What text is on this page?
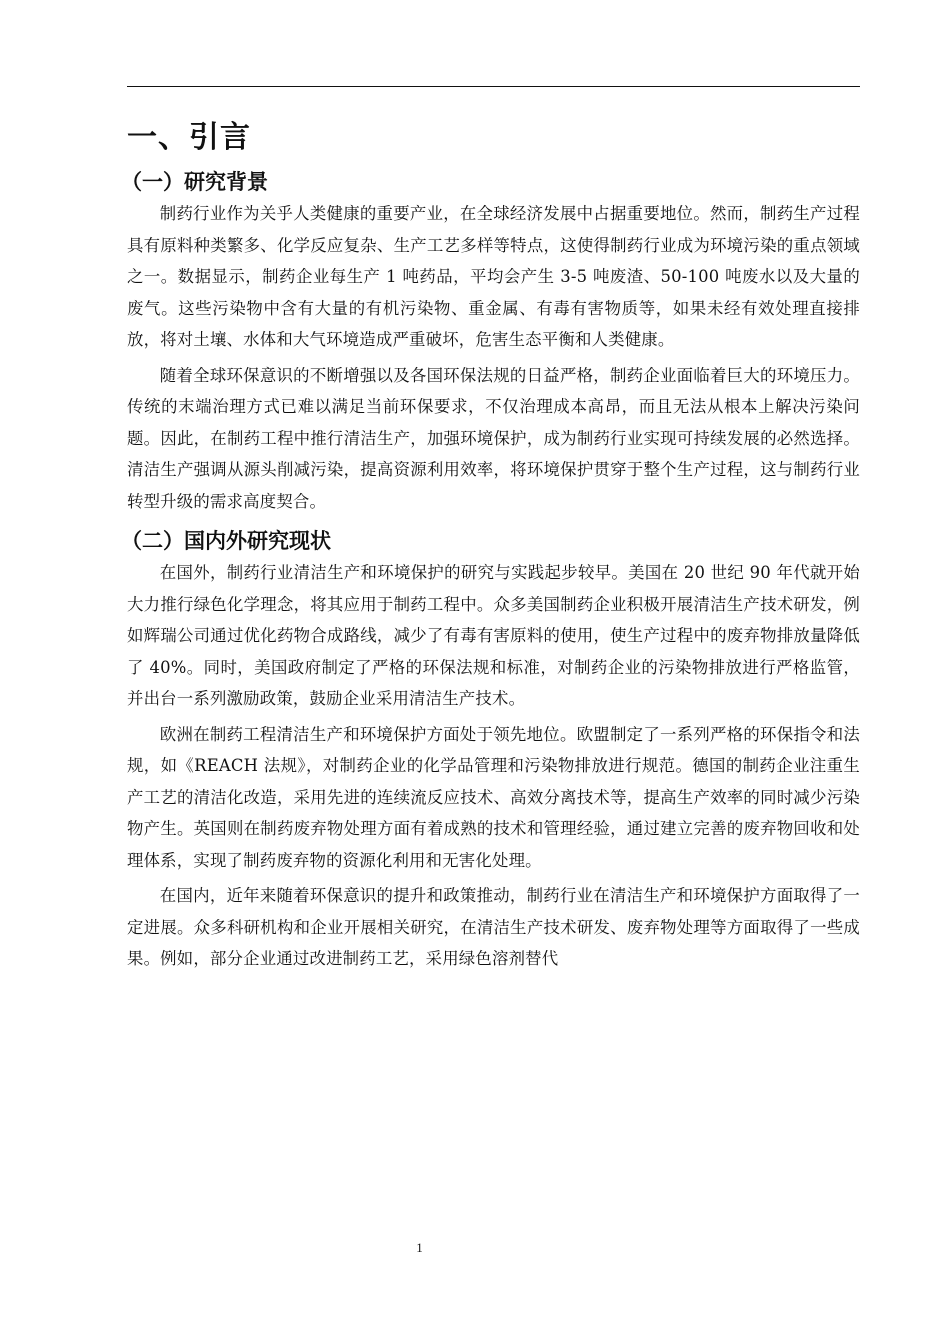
一、引言
（一）研究背景

制药行业作为关乎人类健康的重要产业，在全球经济发展中占据重要地位。然而，制药生产过程具有原料种类繁多、化学反应复杂、生产工艺多样等特点，这使得制药行业成为环境污染的重点领域之一。数据显示，制药企业每生产 1 吨药品，平均会产生 3-5 吨废渣、50-100 吨废水以及大量的废气。这些污染物中含有大量的有机污染物、重金属、有毒有害物质等，如果未经有效处理直接排放，将对土壤、水体和大气环境造成严重破坏，危害生态平衡和人类健康。

随着全球环保意识的不断增强以及各国环保法规的日益严格，制药企业面临着巨大的环境压力。传统的末端治理方式已难以满足当前环保要求，不仅治理成本高昂，而且无法从根本上解决污染问题。因此，在制药工程中推行清洁生产，加强环境保护，成为制药行业实现可持续发展的必然选择。清洁生产强调从源头削减污染，提高资源利用效率，将环境保护贯穿于整个生产过程，这与制药行业转型升级的需求高度契合。

（二）国内外研究现状

在国外，制药行业清洁生产和环境保护的研究与实践起步较早。美国在 20 世纪 90 年代就开始大力推行绿色化学理念，将其应用于制药工程中。众多美国制药企业积极开展清洁生产技术研发，例如辉瑞公司通过优化药物合成路线，减少了有毒有害原料的使用，使生产过程中的废弃物排放量降低了 40%。同时，美国政府制定了严格的环保法规和标准，对制药企业的污染物排放进行严格监管，并出台一系列激励政策，鼓励企业采用清洁生产技术。

欧洲在制药工程清洁生产和环境保护方面处于领先地位。欧盟制定了一系列严格的环保指令和法规，如《REACH 法规》，对制药企业的化学品管理和污染物排放进行规范。德国的制药企业注重生产工艺的清洁化改造，采用先进的连续流反应技术、高效分离技术等，提高生产效率的同时减少污染物产生。英国则在制药废弃物处理方面有着成熟的技术和管理经验，通过建立完善的废弃物回收和处理体系，实现了制药废弃物的资源化利用和无害化处理。

在国内，近年来随着环保意识的提升和政策推动，制药行业在清洁生产和环境保护方面取得了一定进展。众多科研机构和企业开展相关研究，在清洁生产技术研发、废弃物处理等方面取得了一些成果。例如，部分企业通过改进制药工艺，采用绿色溶剂替代

1
